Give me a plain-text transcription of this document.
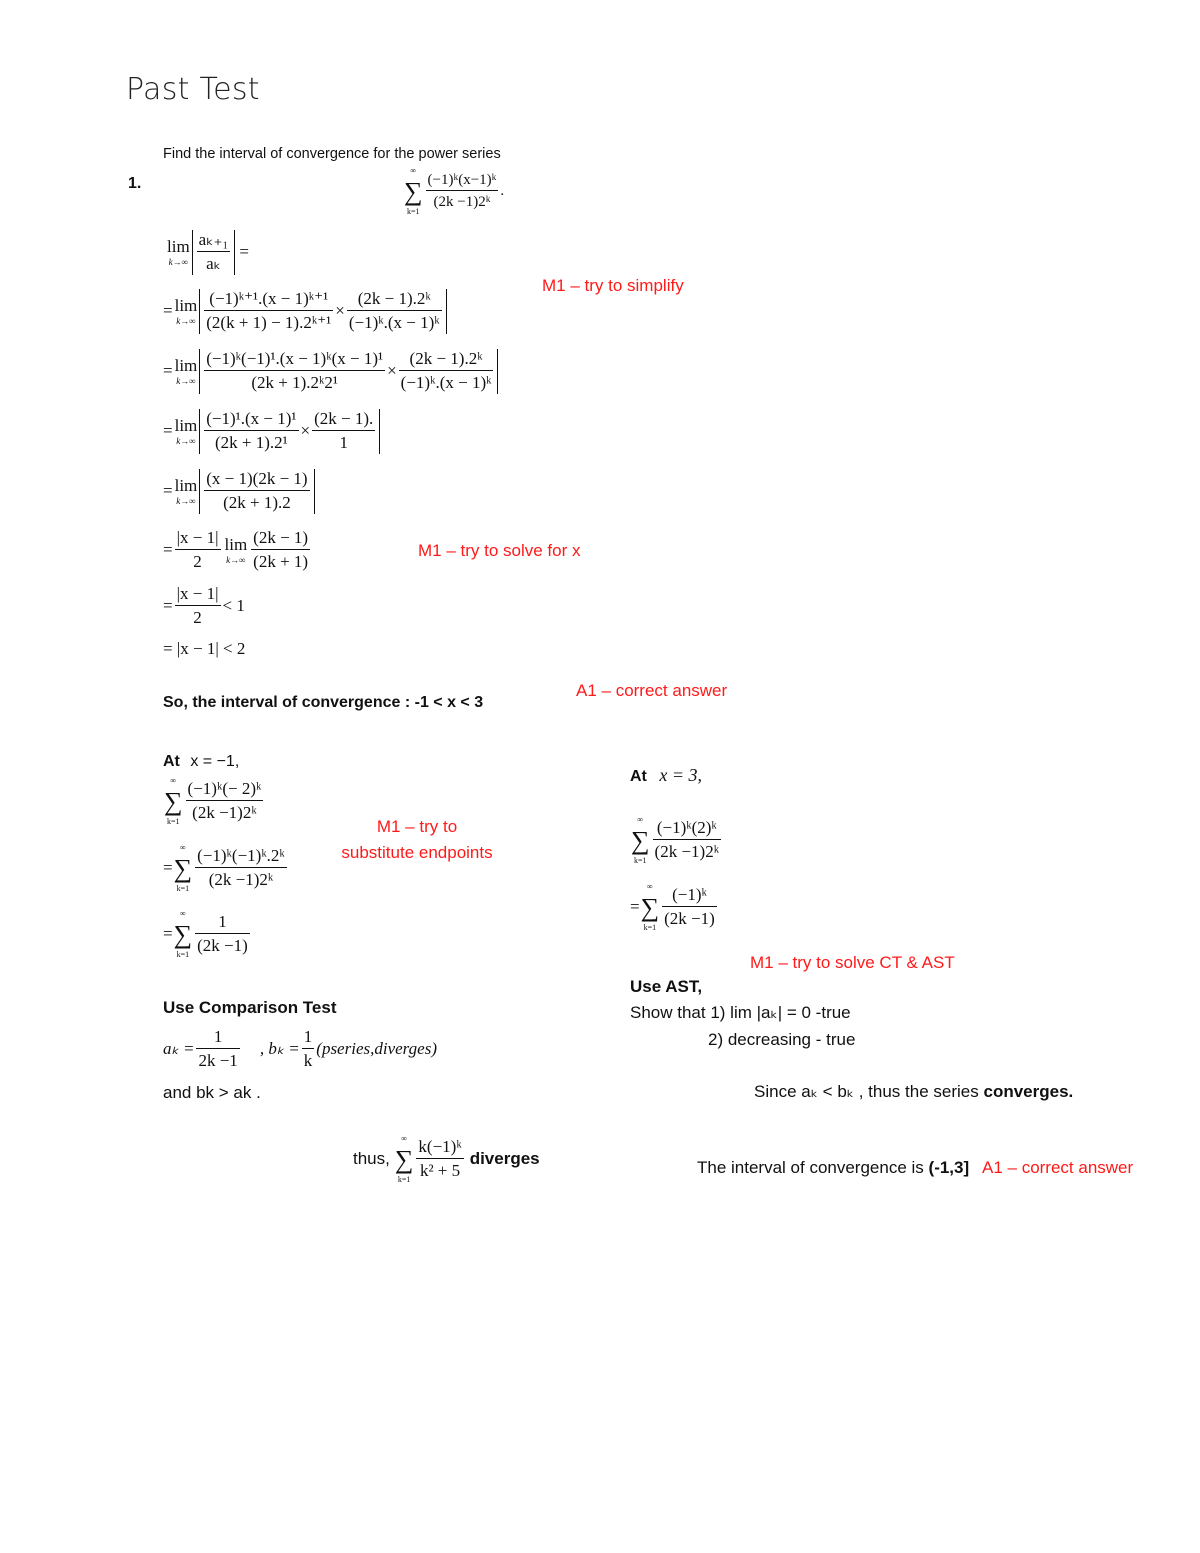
Past Test
Find the interval of convergence for the power series
1.
∞
∑
k=1
$\frac{\text{(−1)ᵏ(x−1)ᵏ}}{\text{(2k −1)2ᵏ}}$ .
lim
$k\to\infty \frac{\text{aₖ₊₁}}{\text{aₖ}}$ =
= lim
$k\to\infty \frac{\text{(−1)ᵏ⁺¹.(x − 1)ᵏ⁺¹}}{\text{(2(k + 1) − 1).2ᵏ⁺¹}} \times \frac{\text{(2k − 1).2ᵏ}}{\text{(−1)ᵏ.(x − 1)ᵏ}}$
M1 – try to simplify
= lim
$k\to\infty \frac{\text{(−1)ᵏ(−1)¹.(x − 1)ᵏ(x − 1)¹}}{\text{(2k + 1).2ᵏ2¹}} \times \frac{\text{(2k − 1).2ᵏ}}{\text{(−1)ᵏ.(x − 1)ᵏ}}$
= lim
$k\to\infty \frac{\text{(−1)¹.(x − 1)¹}}{\text{(2k + 1).2¹}} \times \frac{(2k - 1).}{1}$
= lim
$k\to\infty \frac{(x - 1)(2k - 1)}{(2k + 1).2}$
= $\frac{|x - 1|}{2}$ lim
$k\to\infty \frac{(2k - 1)}{(2k + 1)}$	M1 – try to solve for x
= $\frac{|x - 1|}{2} < 1$
= |x − 1| < 2
So, the interval of convergence : -1 < x < 3
A1 – correct answer
At x = −1,
∞
∑
$k=1 \frac{\text{(−1)ᵏ(− 2)ᵏ}}{\text{(2k −1)2ᵏ}}$
=
∞
∑
$k=1 \frac{\text{(−1)ᵏ(−1)ᵏ.2ᵏ}}{\text{(2k −1)2ᵏ}}$
=
∞
∑
$k=1 \frac{1}{(2k -1)}$
M1 – try to
substitute endpoints
Use Comparison Test
$a_k = \frac{1}{2k -1}$ , $b_k = \frac{1}{k}$ (pseries,diverges)
and bk > ak .
thus,
∞
∑
$k=1 \frac{\text{k(−1)ᵏ}}{\text{k² + 5}}$ diverges
At x = 3,
∞
∑
$k=1 \frac{\text{(−1)ᵏ(2)ᵏ}}{\text{(2k −1)2ᵏ}}$
=
∞
∑
$k=1 \frac{\text{(−1)ᵏ}}{(2k -1)}$
M1 – try to solve CT & AST
Use AST,
Show that 1) lim |aₖ| = 0 -true
2) decreasing - true
Since aₖ < bₖ , thus the series converges.
The interval of convergence is (-1,3] A1 – correct answer
